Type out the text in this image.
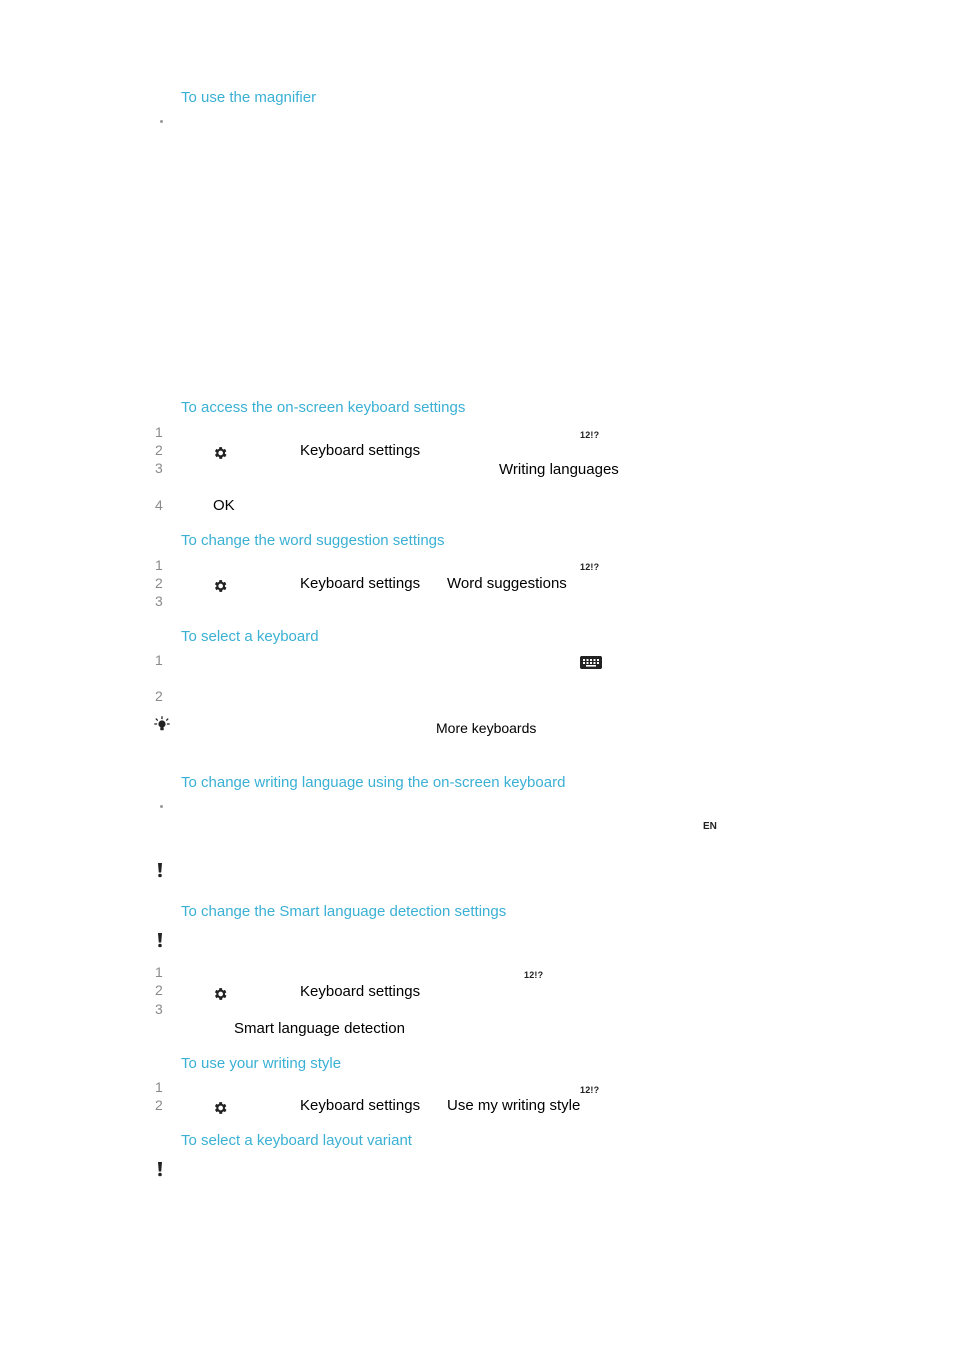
To use the magnifier
To access the on-screen keyboard settings
1	12!?
2	Keyboard settings
3	Writing languages
4	OK
To change the word suggestion settings
1	12!?
2	Keyboard settings Word suggestions
3
To select a keyboard
1
2
More keyboards
To change writing language using the on-screen keyboard
EN
To change the Smart language detection settings
1	12!?
2	Keyboard settings
3
Smart language detection
To use your writing style
1	12!?
2	Keyboard settings Use my writing style
To select a keyboard layout variant
